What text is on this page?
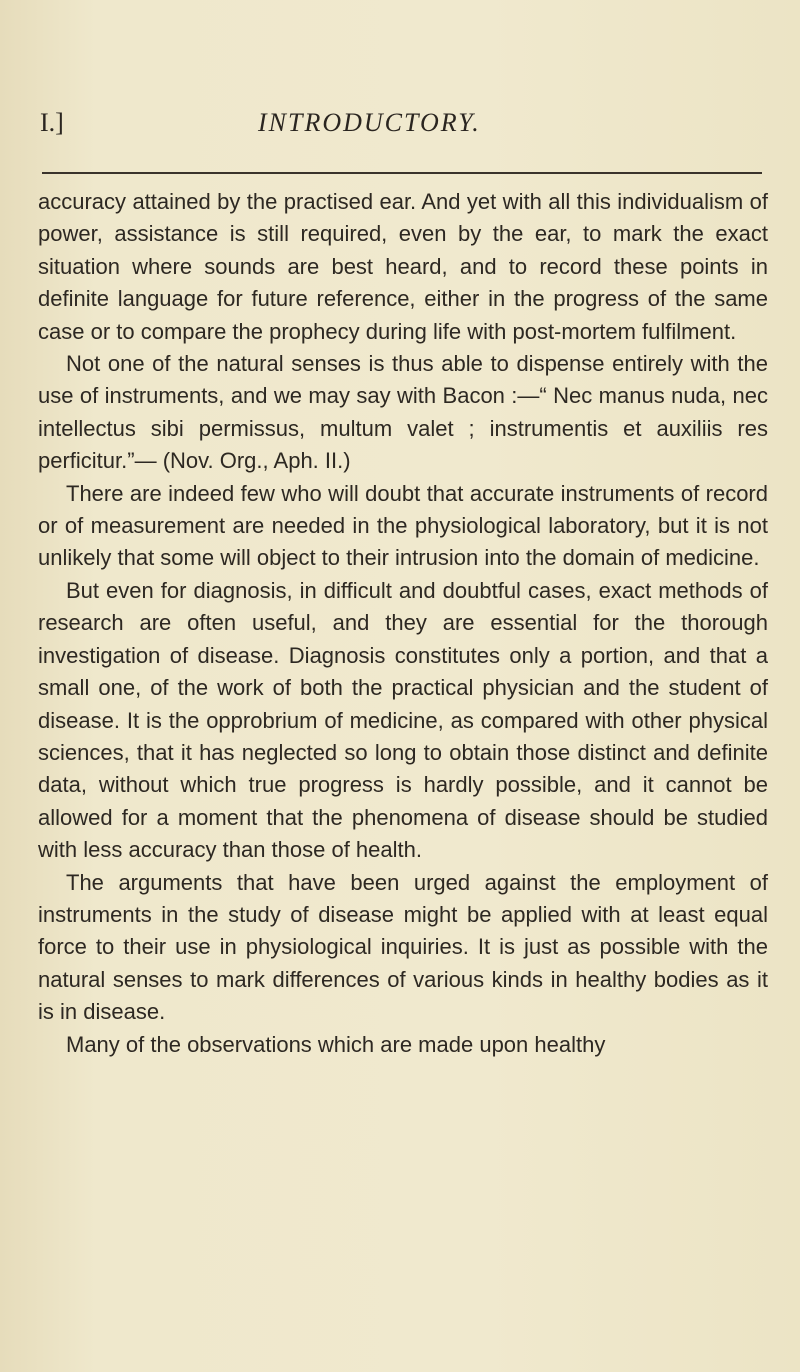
I.]	INTRODUCTORY.

accuracy attained by the practised ear. And yet with all this individualism of power, assistance is still required, even by the ear, to mark the exact situation where sounds are best heard, and to record these points in definite language for future reference, either in the progress of the same case or to compare the prophecy during life with post-mortem fulfilment.

Not one of the natural senses is thus able to dispense entirely with the use of instruments, and we may say with Bacon :—“ Nec manus nuda, nec intellectus sibi permissus, multum valet ; instrumentis et auxiliis res perficitur.”— (Nov. Org., Aph. II.)

There are indeed few who will doubt that accurate instruments of record or of measurement are needed in the physiological laboratory, but it is not unlikely that some will object to their intrusion into the domain of medicine.

But even for diagnosis, in difficult and doubtful cases, exact methods of research are often useful, and they are essential for the thorough investigation of disease. Diagnosis constitutes only a portion, and that a small one, of the work of both the practical physician and the student of disease. It is the opprobrium of medicine, as compared with other physical sciences, that it has neglected so long to obtain those distinct and definite data, without which true progress is hardly possible, and it cannot be allowed for a moment that the phenomena of disease should be studied with less accuracy than those of health.

The arguments that have been urged against the employment of instruments in the study of disease might be applied with at least equal force to their use in physiological inquiries. It is just as possible with the natural senses to mark differences of various kinds in healthy bodies as it is in disease.

Many of the observations which are made upon healthy
